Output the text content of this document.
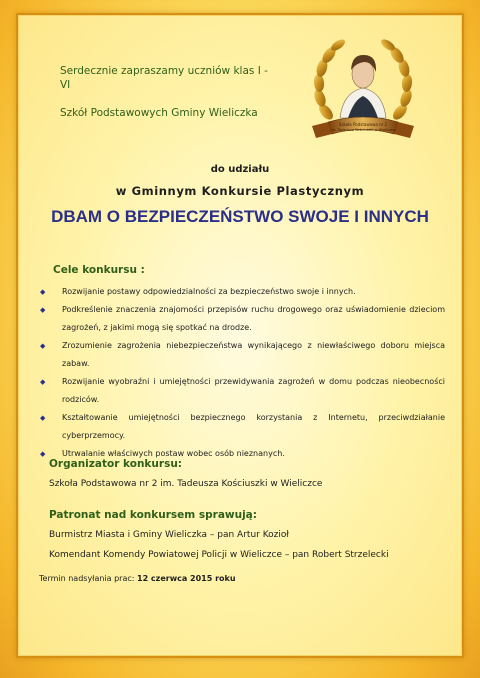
Serdecznie zapraszamy uczniów klas I - VI
Szkół Podstawowych Gminy Wieliczka
Szkoła Podstawowa nr 2
im. Tadeusza Kościuszki w Wieliczce
do udziału
w Gminnym Konkursie Plastycznym
DBAM O BEZPIECZEŃSTWO SWOJE I INNYCH
Cele konkursu :
◆ Rozwijanie postawy odpowiedzialności za bezpieczeństwo swoje i innych.
◆ Podkreślenie znaczenia znajomości przepisów ruchu drogowego oraz uświadomienie dzieciom zagrożeń, z jakimi mogą się spotkać na drodze.
◆ Zrozumienie zagrożenia niebezpieczeństwa wynikającego z niewłaściwego doboru miejsca zabaw.
◆ Rozwijanie wyobraźni i umiejętności przewidywania zagrożeń w domu podczas nieobecności rodziców.
◆ Kształtowanie umiejętności bezpiecznego korzystania z Internetu, przeciwdziałanie cyberprzemocy.
◆ Utrwalanie właściwych postaw wobec osób nieznanych.
Organizator konkursu:
Szkoła Podstawowa nr 2 im. Tadeusza Kościuszki w Wieliczce
Patronat nad konkursem sprawują:
Burmistrz Miasta i Gminy Wieliczka – pan Artur Kozioł
Komendant Komendy Powiatowej Policji w Wieliczce – pan Robert Strzelecki
Termin nadsyłania prac: 12 czerwca 2015 roku
